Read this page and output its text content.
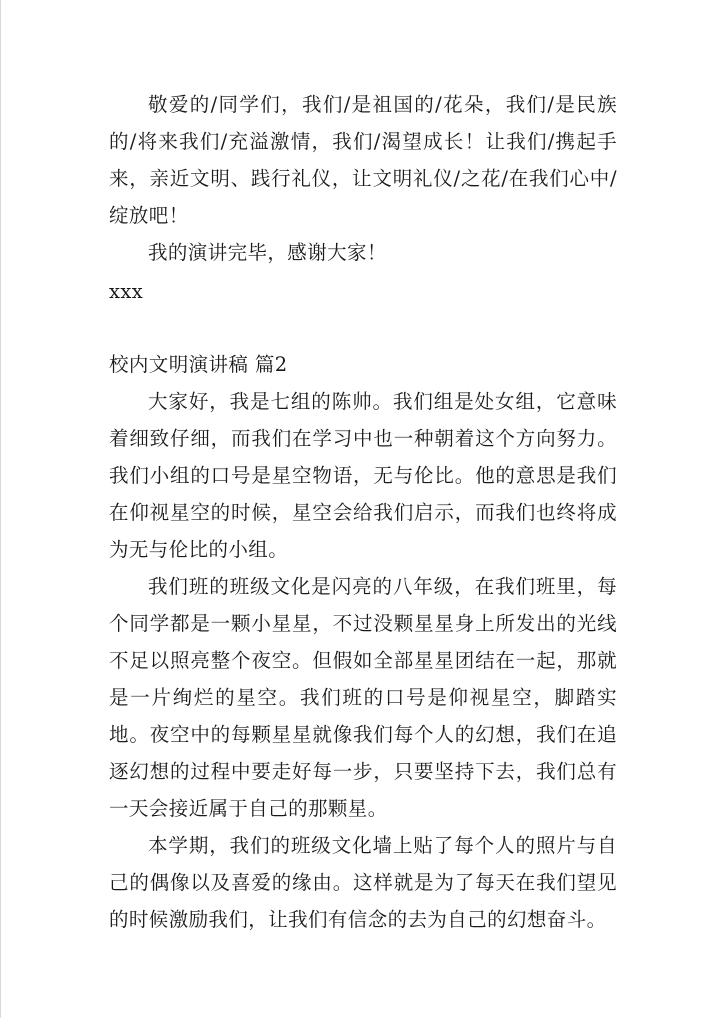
敬爱的/同学们，我们/是祖国的/花朵，我们/是民族的/将来我们/充溢激情，我们/渴望成长！让我们/携起手来，亲近文明、践行礼仪，让文明礼仪/之花/在我们心中/绽放吧！

我的演讲完毕，感谢大家！

xxx

校内文明演讲稿 篇2

大家好，我是七组的陈帅。我们组是处女组，它意味着细致仔细，而我们在学习中也一种朝着这个方向努力。我们小组的口号是星空物语，无与伦比。他的意思是我们在仰视星空的时候，星空会给我们启示，而我们也终将成为无与伦比的小组。

我们班的班级文化是闪亮的八年级，在我们班里，每个同学都是一颗小星星，不过没颗星星身上所发出的光线不足以照亮整个夜空。但假如全部星星团结在一起，那就是一片绚烂的星空。我们班的口号是仰视星空，脚踏实地。夜空中的每颗星星就像我们每个人的幻想，我们在追逐幻想的过程中要走好每一步，只要坚持下去，我们总有一天会接近属于自己的那颗星。

本学期，我们的班级文化墙上贴了每个人的照片与自己的偶像以及喜爱的缘由。这样就是为了每天在我们望见的时候激励我们，让我们有信念的去为自己的幻想奋斗。
